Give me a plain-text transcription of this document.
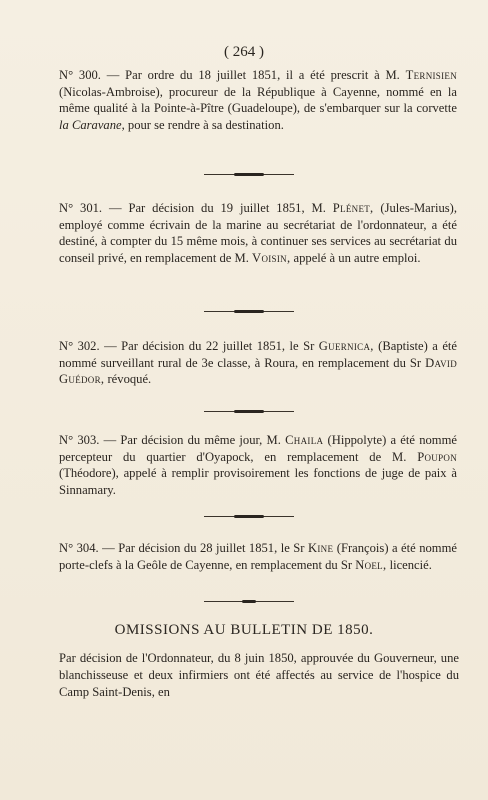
( 264 )
N° 300. — Par ordre du 18 juillet 1851, il a été prescrit à M. Ternisien (Nicolas-Ambroise), procureur de la République à Cayenne, nommé en la même qualité à la Pointe-à-Pître (Guadeloupe), de s'embarquer sur la corvette la Caravane, pour se rendre à sa destination.
N° 301. — Par décision du 19 juillet 1851, M. Plénet, (Jules-Marius), employé comme écrivain de la marine au secrétariat de l'ordonnateur, a été destiné, à compter du 15 même mois, à continuer ses services au secrétariat du conseil privé, en remplacement de M. Voisin, appelé à un autre emploi.
N° 302. — Par décision du 22 juillet 1851, le Sr Guernica, (Baptiste) a été nommé surveillant rural de 3e classe, à Roura, en remplacement du Sr David Guédor, révoqué.
N° 303. — Par décision du même jour, M. Chaila (Hippolyte) a été nommé percepteur du quartier d'Oyapock, en remplacement de M. Poupon (Théodore), appelé à remplir provisoirement les fonctions de juge de paix à Sinnamary.
N° 304. — Par décision du 28 juillet 1851, le Sr Kine (François) a été nommé porte-clefs à la Geôle de Cayenne, en remplacement du Sr Noel, licencié.
OMISSIONS AU BULLETIN DE 1850.
Par décision de l'Ordonnateur, du 8 juin 1850, approuvée du Gouverneur, une blanchisseuse et deux infirmiers ont été affectés au service de l'hospice du Camp Saint-Denis, en
